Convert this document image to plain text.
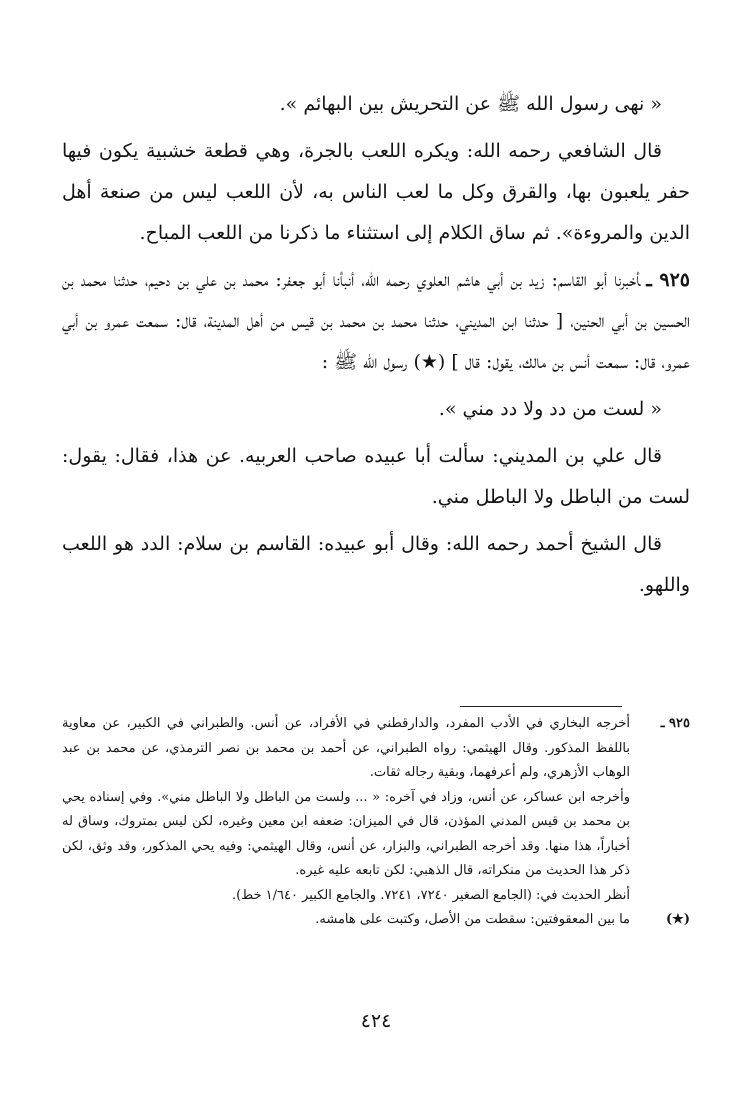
« نهى رسول الله ﷺ عن التحريش بين البهائم ».

قال الشافعي رحمه الله: ويكره اللعب بالجرة، وهي قطعة خشبية يكون فيها حفر يلعبون بها، والقرق وكل ما لعب الناس به، لأن اللعب ليس من صنعة أهل الدين والمروءة». ثم ساق الكلام إلى استثناء ما ذكرنا من اللعب المباح.

٩٢٥ ـأخبرنا أبو القاسم: زيد بن أبي هاشم العلوي رحمه الله، أنبأنا أبو جعفر: محمد بن علي بن دحيم، حدثنا محمد بن الحسين بن أبي الحنين، [ حدثنا ابن المديني، حدثنا محمد بن محمد بن قيس من أهل المدينة، قال: سمعت عمرو بن أبي عمرو، قال: سمعت أنس بن مالك، يقول: قال ] (★) رسول الله ﷺ :

« لست من دد ولا دد مني ».

قال علي بن المديني: سألت أبا عبيده صاحب العربيه. عن هذا، فقال: يقول: لست من الباطل ولا الباطل مني.

قال الشيخ أحمد رحمه الله: وقال أبو عبيده: القاسم بن سلام: الدد هو اللعب واللهو.

٩٢٥ ـ

أخرجه البخاري في الأدب المفرد، والدارقطني في الأفراد، عن أنس. والطبراني في الكبير، عن معاوية باللفظ المذكور. وقال الهيثمي: رواه الطبراني، عن أحمد بن محمد بن نصر الترمذي، عن محمد بن عبد الوهاب الأزهري، ولم أعرفهما، وبقية رجاله ثقات.

وأخرجه ابن عساكر، عن أنس، وزاد في آخره: « ... ولست من الباطل ولا الباطل مني». وفي إسناده يحي بن محمد بن قيس المدني المؤذن، قال في الميزان: ضعفه ابن معين وغيره، لكن ليس بمتروك، وساق له أخباراً، هذا منها. وقد أخرجه الطبراني، والبزار، عن أنس، وقال الهيثمي: وفيه يحي المذكور، وقد وثق، لكن ذكر هذا الحديث من منكراته، قال الذهبي: لكن تابعه عليه غيره.

أنظر الحديث في: (الجامع الصغير ٧٢٤٠، ٧٢٤١. والجامع الكبير ١/٦٤٠ خط).

(★)

ما بين المعقوفتين: سقطت من الأصل، وكتبت على هامشه.

٤٢٤
